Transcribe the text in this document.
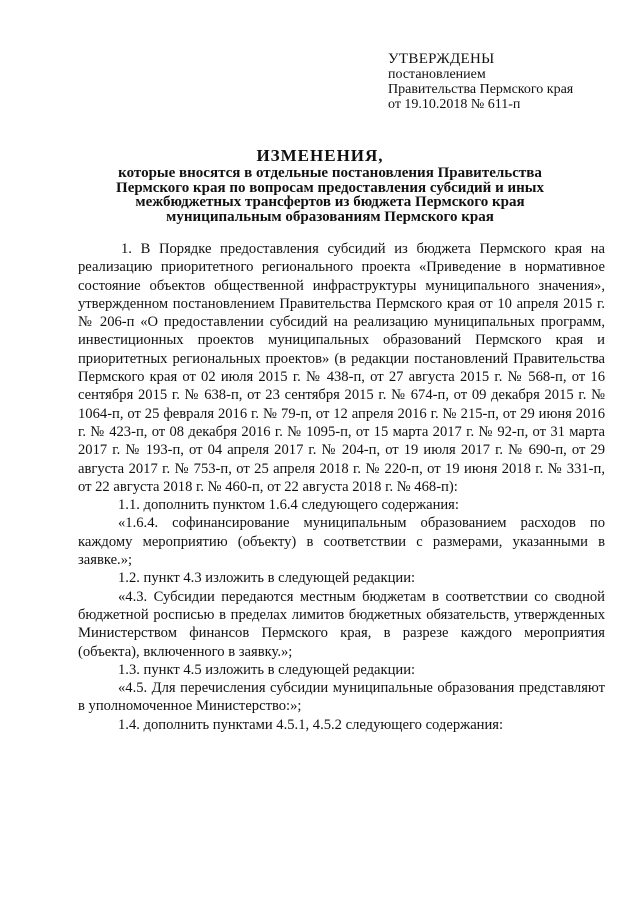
УТВЕРЖДЕНЫ
постановлением
Правительства Пермского края
от 19.10.2018 № 611-п
ИЗМЕНЕНИЯ,
которые вносятся в отдельные постановления Правительства
Пермского края по вопросам предоставления субсидий и иных
межбюджетных трансфертов из бюджета Пермского края
муниципальным образованиям Пермского края

1. В Порядке предоставления субсидий из бюджета Пермского края на реализацию приоритетного регионального проекта «Приведение в нормативное состояние объектов общественной инфраструктуры муниципального значения», утвержденном постановлением Правительства Пермского края от 10 апреля 2015 г. № 206-п «О предоставлении субсидий на реализацию муниципальных программ, инвестиционных проектов муниципальных образований Пермского края и приоритетных региональных проектов» (в редакции постановлений Правительства Пермского края от 02 июля 2015 г. № 438-п, от 27 августа 2015 г. № 568-п, от 16 сентября 2015 г. № 638-п, от 23 сентября 2015 г. № 674-п, от 09 декабря 2015 г. № 1064-п, от 25 февраля 2016 г. № 79-п, от 12 апреля 2016 г. № 215-п, от 29 июня 2016 г. № 423-п, от 08 декабря 2016 г. № 1095-п, от 15 марта 2017 г. № 92-п, от 31 марта 2017 г. № 193-п, от 04 апреля 2017 г. № 204-п, от 19 июля 2017 г. № 690-п, от 29 августа 2017 г. № 753-п, от 25 апреля 2018 г. № 220-п, от 19 июня 2018 г. № 331-п, от 22 августа 2018 г. № 460-п, от 22 августа 2018 г. № 468-п):

1.1. дополнить пунктом 1.6.4 следующего содержания:

«1.6.4. софинансирование муниципальным образованием расходов по каждому мероприятию (объекту) в соответствии с размерами, указанными в заявке.»;

1.2. пункт 4.3 изложить в следующей редакции:

«4.3. Субсидии передаются местным бюджетам в соответствии со сводной бюджетной росписью в пределах лимитов бюджетных обязательств, утвержденных Министерством финансов Пермского края, в разрезе каждого мероприятия (объекта), включенного в заявку.»;

1.3. пункт 4.5 изложить в следующей редакции:

«4.5. Для перечисления субсидии муниципальные образования представляют в уполномоченное Министерство:»;

1.4. дополнить пунктами 4.5.1, 4.5.2 следующего содержания:
